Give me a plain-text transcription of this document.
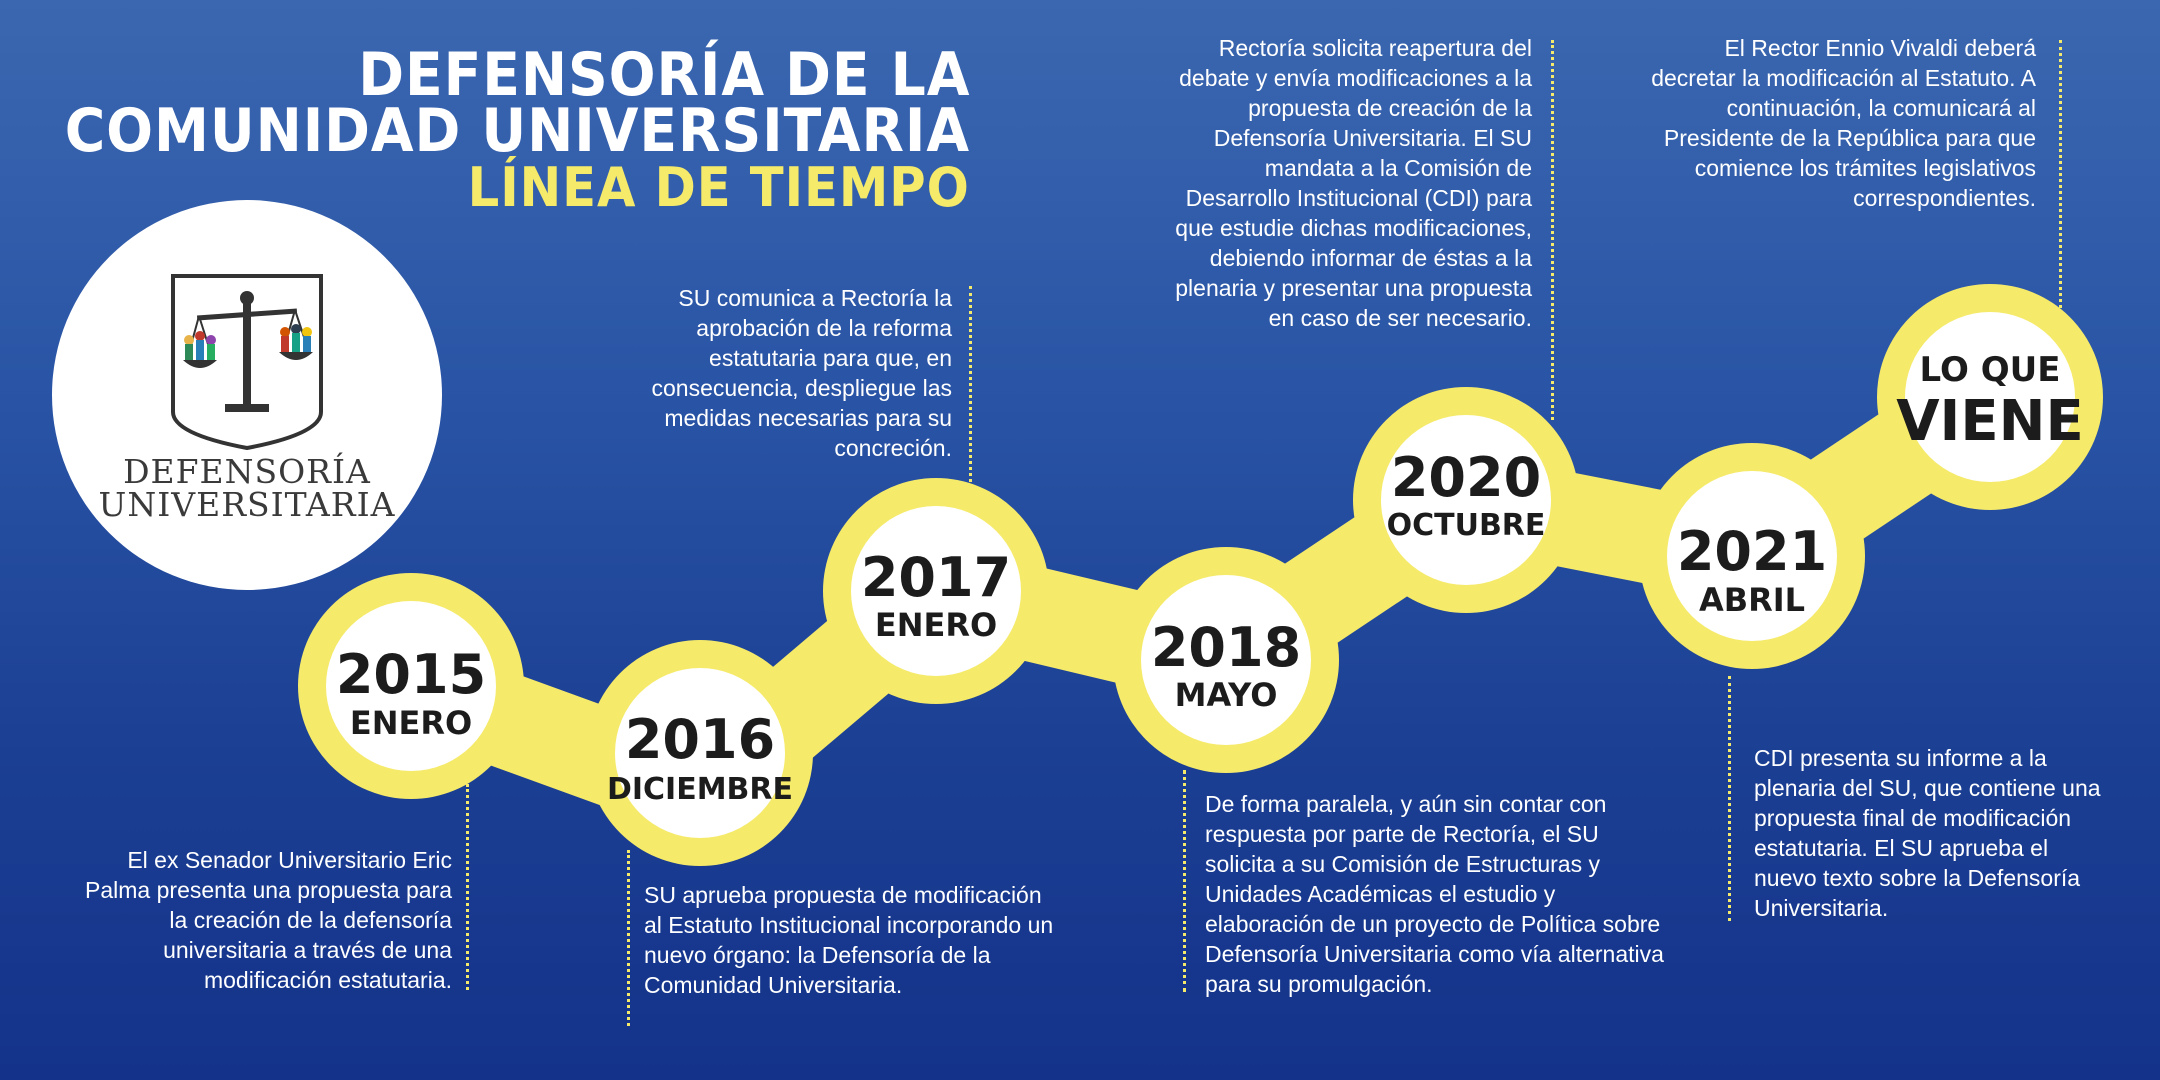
DEFENSORÍA DE LA
COMUNIDAD UNIVERSITARIA
LÍNEA DE TIEMPO
DEFENSORÍA
UNIVERSITARIA
2015
ENERO	2016
DICIEMBRE
2017
ENERO	2018
MAYO
2020
OCTUBRE 2021
ABRIL
LO QUE
VIENE

El ex Senador Universitario Eric Palma presenta una propuesta para la creación de la defensoría universitaria a través de una modificación estatutaria.

SU aprueba propuesta de modificación al Estatuto Institucional incorporando un nuevo órgano: la Defensoría de la Comunidad Universitaria.

SU comunica a Rectoría la aprobación de la reforma estatutaria para que, en consecuencia, despliegue las medidas necesarias para su concreción.

De forma paralela, y aún sin contar con respuesta por parte de Rectoría, el SU solicita a su Comisión de Estructuras y Unidades Académicas el estudio y elaboración de un proyecto de Política sobre Defensoría Universitaria como vía alternativa para su promulgación.

Rectoría solicita reapertura del debate y envía modificaciones a la propuesta de creación de la Defensoría Universitaria. El SU mandata a la Comisión de Desarrollo Institucional (CDI) para que estudie dichas modificaciones, debiendo informar de éstas a la plenaria y presentar una propuesta en caso de ser necesario.

CDI presenta su informe a la plenaria del SU, que contiene una propuesta final de modificación estatutaria. El SU aprueba el nuevo texto sobre la Defensoría Universitaria.

El Rector Ennio Vivaldi deberá decretar la modificación al Estatuto. A continuación, la comunicará al Presidente de la República para que comience los trámites legislativos correspondientes.
